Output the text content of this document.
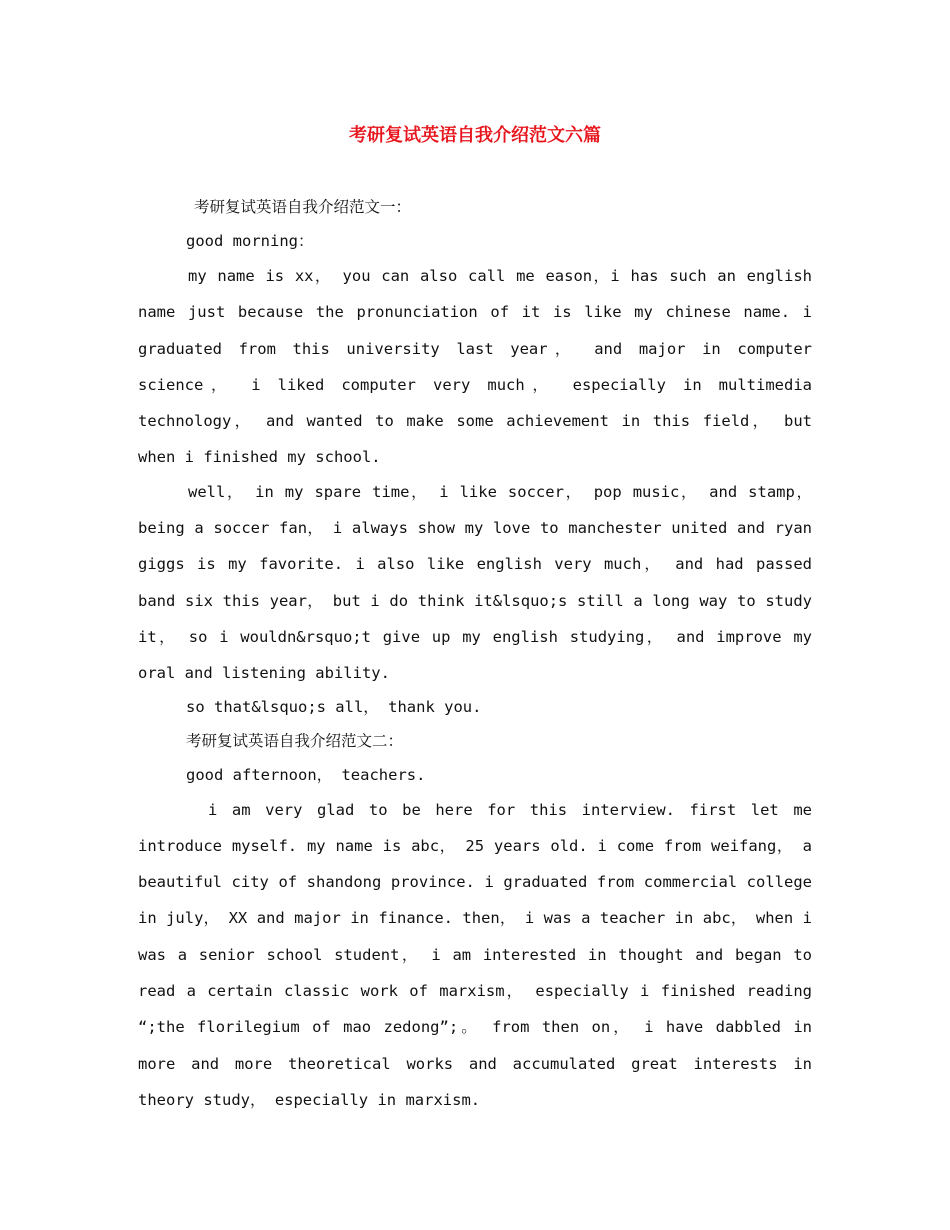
考研复试英语自我介绍范文六篇

考研复试英语自我介绍范文一：

good morning：

my name is xx， you can also call me eason，i has such an english name just because the pronunciation of it is like my chinese name. i graduated from this university last year， and major in computer science， i liked computer very much， especially in multimedia technology， and wanted to make some achievement in this field， but when i finished my school.

well， in my spare time， i like soccer， pop music， and stamp， being a soccer fan， i always show my love to manchester united and ryan giggs is my favorite. i also like english very much， and had passed band six this year， but i do think it&lsquo;s still a long way to study it， so i wouldn&rsquo;t give up my english studying， and improve my oral and listening ability.

so that&lsquo;s all， thank you.

考研复试英语自我介绍范文二：

good afternoon， teachers.

i am very glad to be here for this interview. first let me introduce myself. my name is abc， 25 years old. i come from weifang， a beautiful city of shandong province. i graduated from commercial college in july， XX and major in finance. then， i was a teacher in abc， when i was a senior school student， i am interested in thought and began to read a certain classic work of marxism， especially i finished reading “;the florilegium of mao zedong”;。 from then on， i have dabbled in more and more theoretical works and accumulated great interests in theory study， especially in marxism.
